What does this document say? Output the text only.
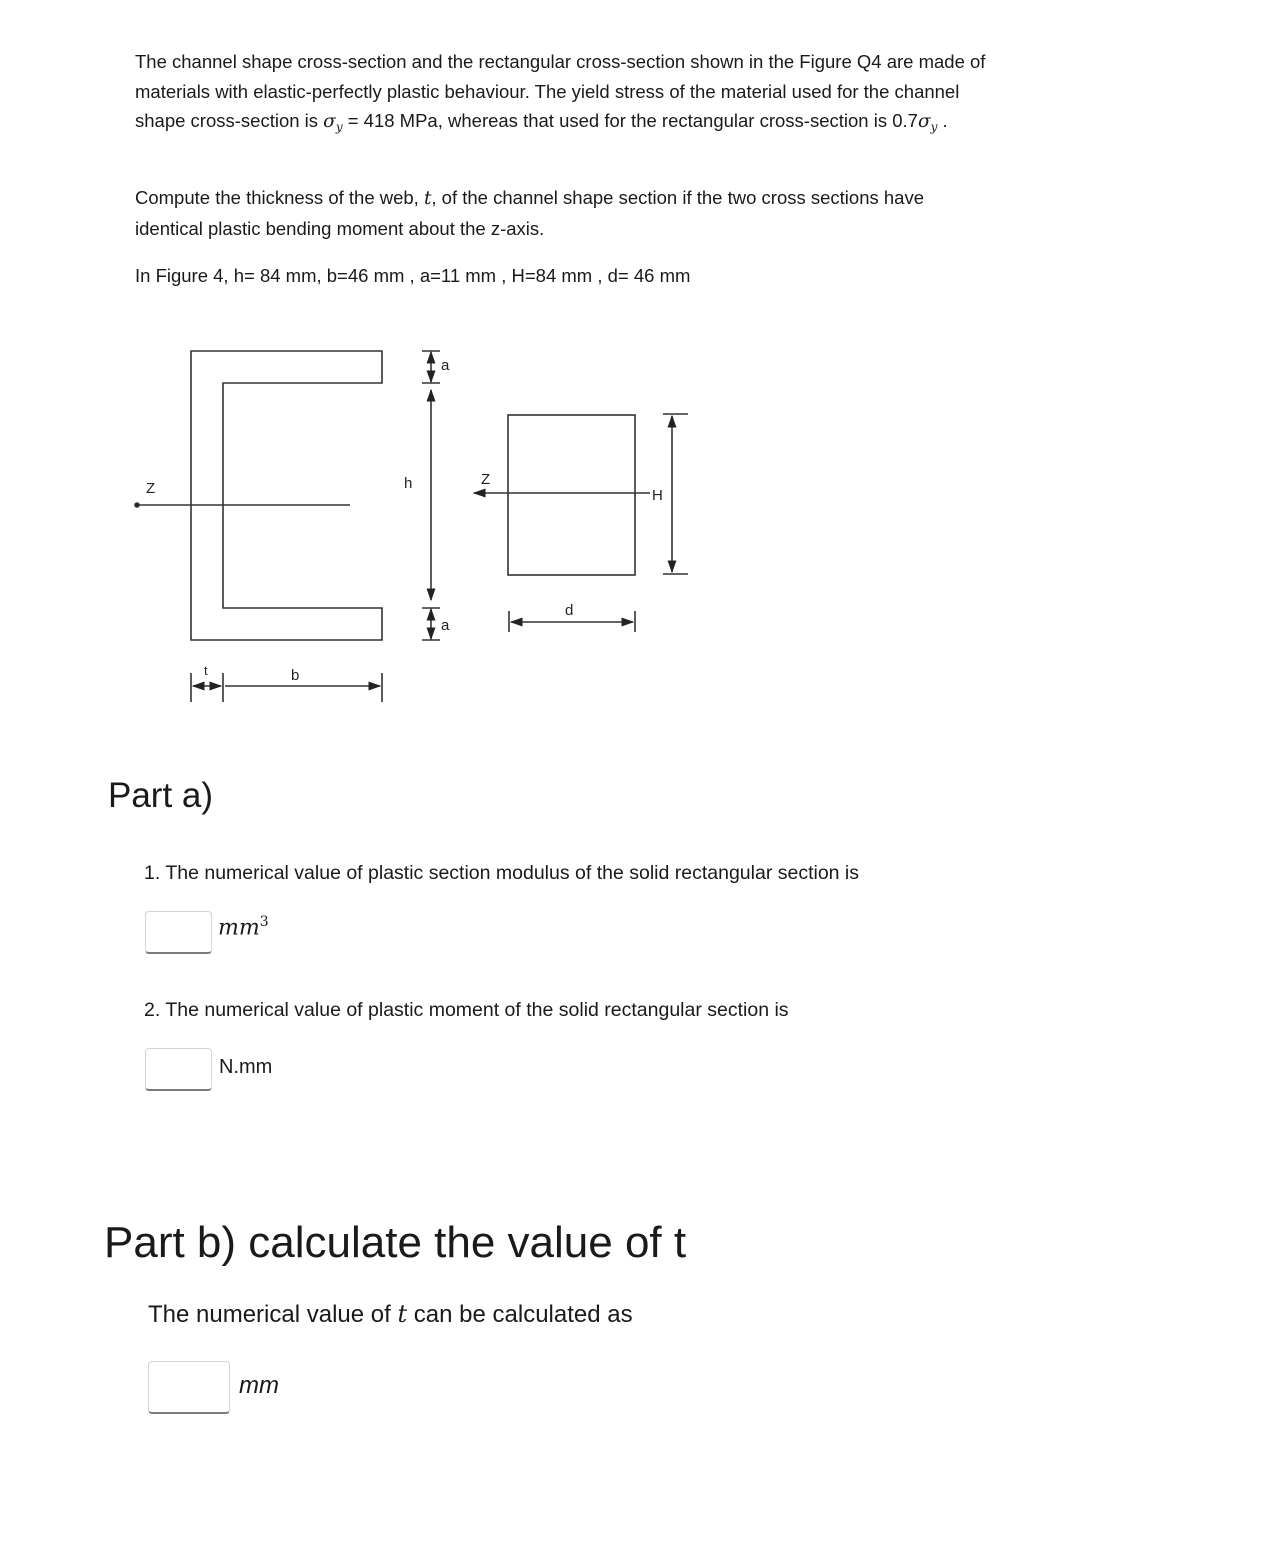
The channel shape cross-section and the rectangular cross-section shown in the Figure Q4 are made of materials with elastic-perfectly plastic behaviour. The yield stress of the material used for the channel shape cross-section is $\sigma_y = 418$ MPa, whereas that used for the rectangular cross-section is $0.7\sigma_y$ .

Compute the thickness of the web, t, of the channel shape section if the two cross sections have identical plastic bending moment about the z-axis.

In Figure 4, h= 84 mm, b=46 mm , a=11 mm , H=84 mm , d= 46 mm

a
a
h
Z
Z
H
d
t	b
Part a)

1. The numerical value of plastic section modulus of the solid rectangular section is

$mm^3$

2. The numerical value of plastic moment of the solid rectangular section is

N.mm
Part b) calculate the value of t

The numerical value of t can be calculated as

mm
